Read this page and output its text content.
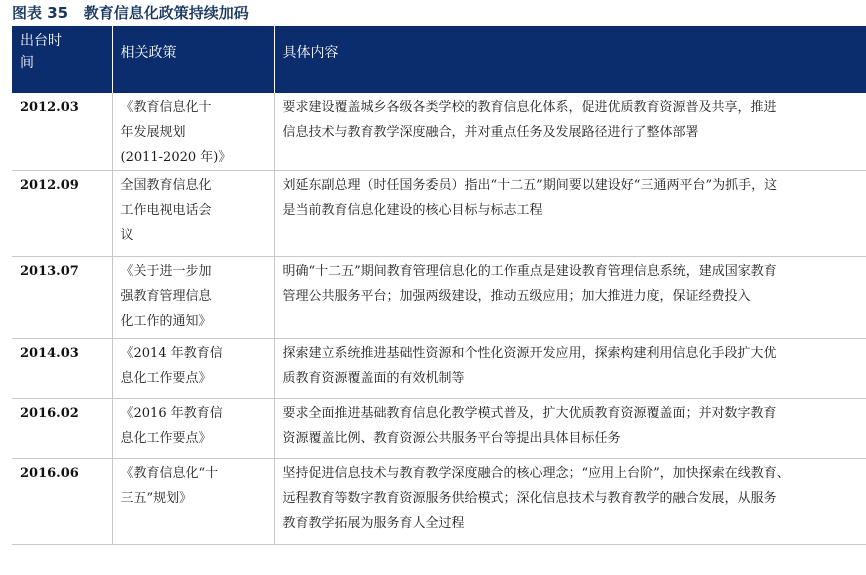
图表 35 教育信息化政策持续加码
出台时
间	相关政策	具体内容
2012.03	《教育信息化十
年发展规划
(2011-2020 年)》	要求建设覆盖城乡各级各类学校的教育信息化体系，促进优质教育资源普及共享，推进
信息技术与教育教学深度融合，并对重点任务及发展路径进行了整体部署

2012.09	全国教育信息化
工作电视电话会
议	刘延东副总理（时任国务委员）指出“十二五”期间要以建设好“三通两平台”为抓手，这
是当前教育信息化建设的核心目标与标志工程

2013.07	《关于进一步加
强教育管理信息
化工作的通知》	明确“十二五”期间教育管理信息化的工作重点是建设教育管理信息系统，建成国家教育
管理公共服务平台；加强两级建设，推动五级应用；加大推进力度，保证经费投入

2014.03	《2014 年教育信
息化工作要点》	探索建立系统推进基础性资源和个性化资源开发应用，探索构建利用信息化手段扩大优
质教育资源覆盖面的有效机制等

2016.02	《2016 年教育信
息化工作要点》	要求全面推进基础教育信息化教学模式普及，扩大优质教育资源覆盖面；并对数字教育
资源覆盖比例、教育资源公共服务平台等提出具体目标任务

2016.06	《教育信息化“十
三五”规划》	坚持促进信息技术与教育教学深度融合的核心理念；“应用上台阶”，加快探索在线教育、
远程教育等数字教育资源服务供给模式；深化信息技术与教育教学的融合发展，从服务
教育教学拓展为服务育人全过程
